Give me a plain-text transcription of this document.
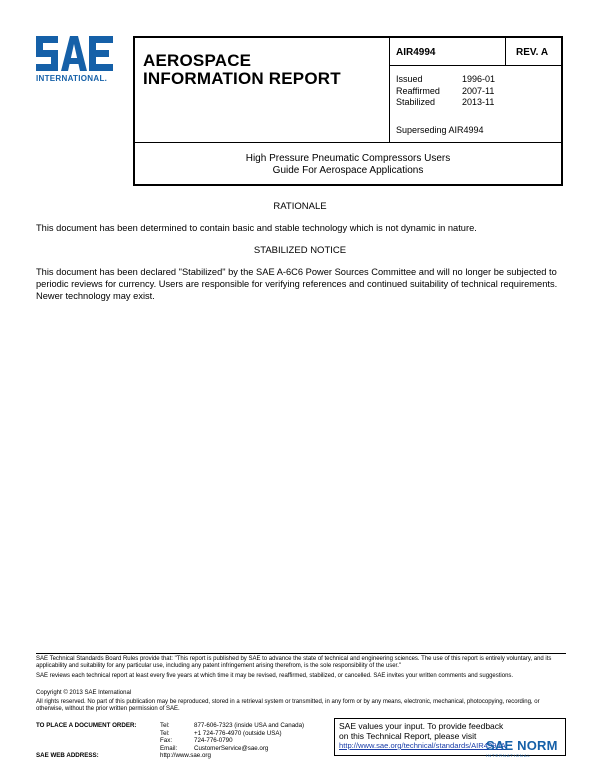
INTERNATIONAL.
AEROSPACE
INFORMATION REPORT
AIR4994	REV. A
Issued	1996-01
Reaffirmed	2007-11
Stabilized	2013-11
Superseding AIR4994
High Pressure Pneumatic Compressors Users
Guide For Aerospace Applications
RATIONALE
This document has been determined to contain basic and stable technology which is not dynamic in nature.
STABILIZED NOTICE
This document has been declared "Stabilized" by the SAE A-6C6 Power Sources Committee and will no longer be subjected to periodic reviews for currency. Users are responsible for verifying references and continued suitability of technical requirements. Newer technology may exist.
SAE Technical Standards Board Rules provide that: "This report is published by SAE to advance the state of technical and engineering sciences. The use of this report is entirely voluntary, and its applicability and suitability for any particular use, including any patent infringement arising therefrom, is the sole responsibility of the user."
SAE reviews each technical report at least every five years at which time it may be revised, reaffirmed, stabilized, or cancelled. SAE invites your written comments and suggestions.
Copyright © 2013 SAE International
All rights reserved. No part of this publication may be reproduced, stored in a retrieval system or transmitted, in any form or by any means, electronic, mechanical, photocopying, recording, or otherwise, without the prior written permission of SAE.
TO PLACE A DOCUMENT ORDER:	Tel:	877-606-7323 (inside USA and Canada)
Tel:	+1 724-776-4970 (outside USA)
Fax:	724-776-0790
Email:	CustomerService@sae.org
SAE WEB ADDRESS:	http://www.sae.org
SAE values your input. To provide feedback
on this Technical Report, please visit
http://www.sae.org/technical/standards/AIR4994A
SAE NORM
INTERNATIONAL
